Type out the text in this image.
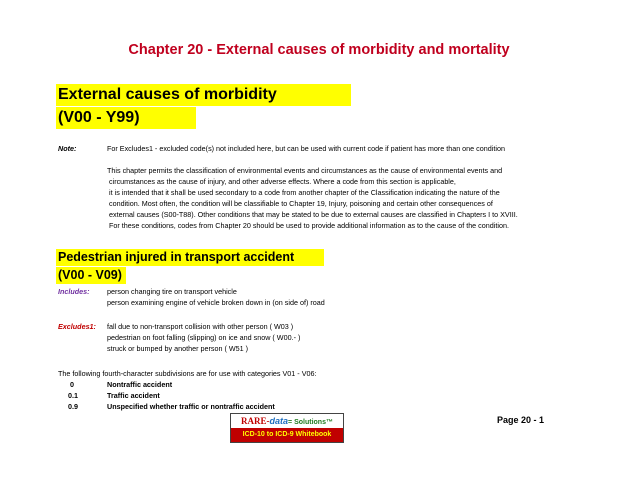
Chapter 20 - External causes of morbidity and mortality
External causes of morbidity
(V00 - Y99)
Note:	For Excludes1 - excluded code(s) not included here, but can be used with current code if patient has more than one condition
This chapter permits the classification of environmental events and circumstances as the cause of environmental events and
circumstances as the cause of injury, and other adverse effects. Where a code from this section is applicable,
it is intended that it shall be used secondary to a code from another chapter of the Classification indicating the nature of the
condition. Most often, the condition will be classifiable to Chapter 19, Injury, poisoning and certain other consequences of
external causes (S00-T88). Other conditions that may be stated to be due to external causes are classified in Chapters I to XVIII.
For these conditions, codes from Chapter 20 should be used to provide additional information as to the cause of the condition.
Pedestrian injured in transport accident
(V00 - V09)
Includes: person changing tire on transport vehicle
person examining engine of vehicle broken down in (on side of) road
Excludes1: fall due to non-transport collision with other person ( W03 )
pedestrian on foot falling (slipping) on ice and snow ( W00.- )
struck or bumped by another person ( W51 )
The following fourth-character subdivisions are for use with categories V01 - V06:
0	Nontraffic accident
0.1	Traffic accident
0.9	Unspecified whether traffic or nontraffic accident
RARE-data= Solutions™
ICD-10 to ICD-9 Whitebook
Page 20 - 1
